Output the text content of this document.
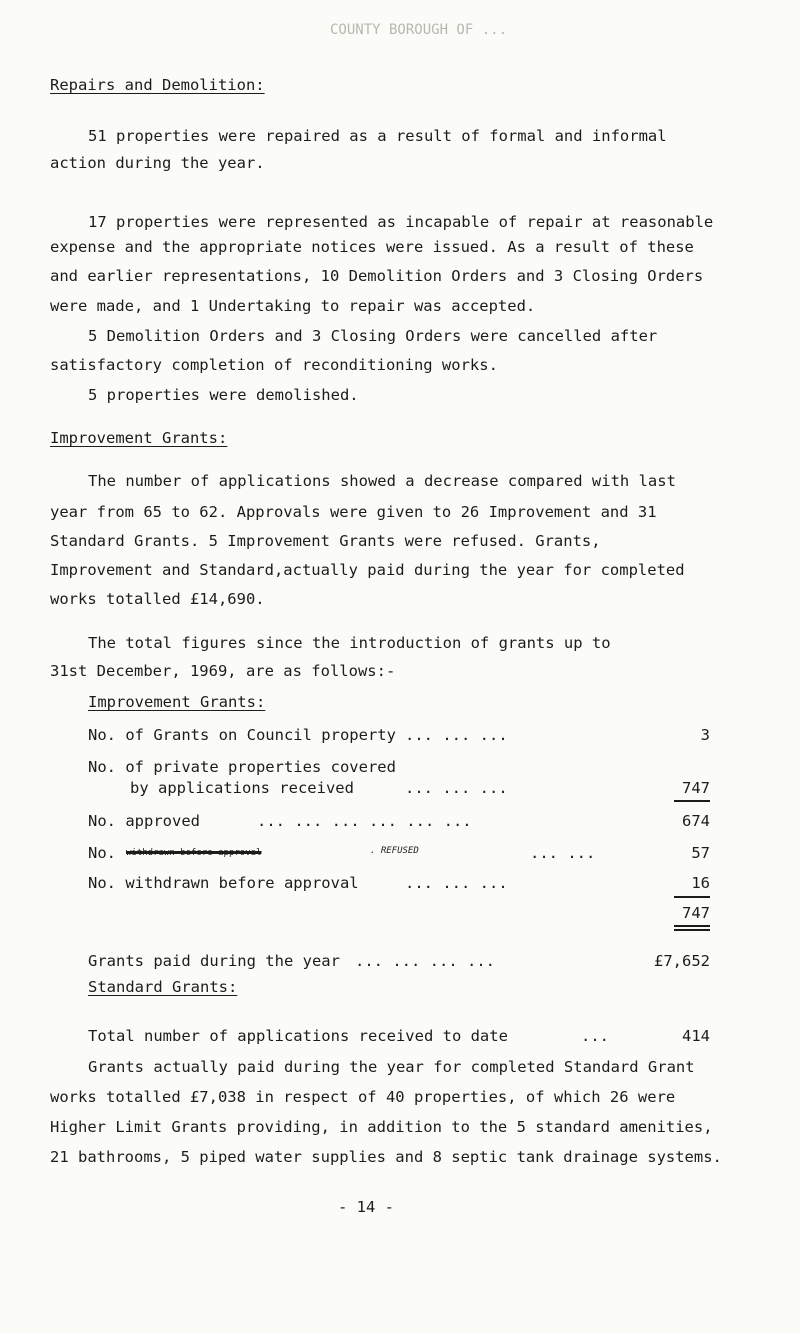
COUNTY BOROUGH OF ...
Repairs and Demolition:
51 properties were repaired as a result of formal and informal
action during the year.
17 properties were represented as incapable of repair at reasonable
expense and the appropriate notices were issued. As a result of these
and earlier representations, 10 Demolition Orders and 3 Closing Orders
were made, and 1 Undertaking to repair was accepted.
5 Demolition Orders and 3 Closing Orders were cancelled after
satisfactory completion of reconditioning works.
5 properties were demolished.
Improvement Grants:
The number of applications showed a decrease compared with last
year from 65 to 62. Approvals were given to 26 Improvement and 31
Standard Grants. 5 Improvement Grants were refused. Grants,
Improvement and Standard,actually paid during the year for completed
works totalled £14,690.
The total figures since the introduction of grants up to
31st December, 1969, are as follows:-
Improvement Grants:
No. of Grants on Council property ... ... ...	3
No. of private properties covered
by applications received	... ... ...	747
No. approved	... ... ... ... ... ...	674
No. withdrawn before approval	. REFUSED	... ...	57
No. withdrawn before approval	... ... ...	16
747
Grants paid during the year ... ... ... ...	£7,652
Standard Grants:
Total number of applications received to date	...	414
Grants actually paid during the year for completed Standard Grant
works totalled £7,038 in respect of 40 properties, of which 26 were
Higher Limit Grants providing, in addition to the 5 standard amenities,
21 bathrooms, 5 piped water supplies and 8 septic tank drainage systems.
- 14 -
